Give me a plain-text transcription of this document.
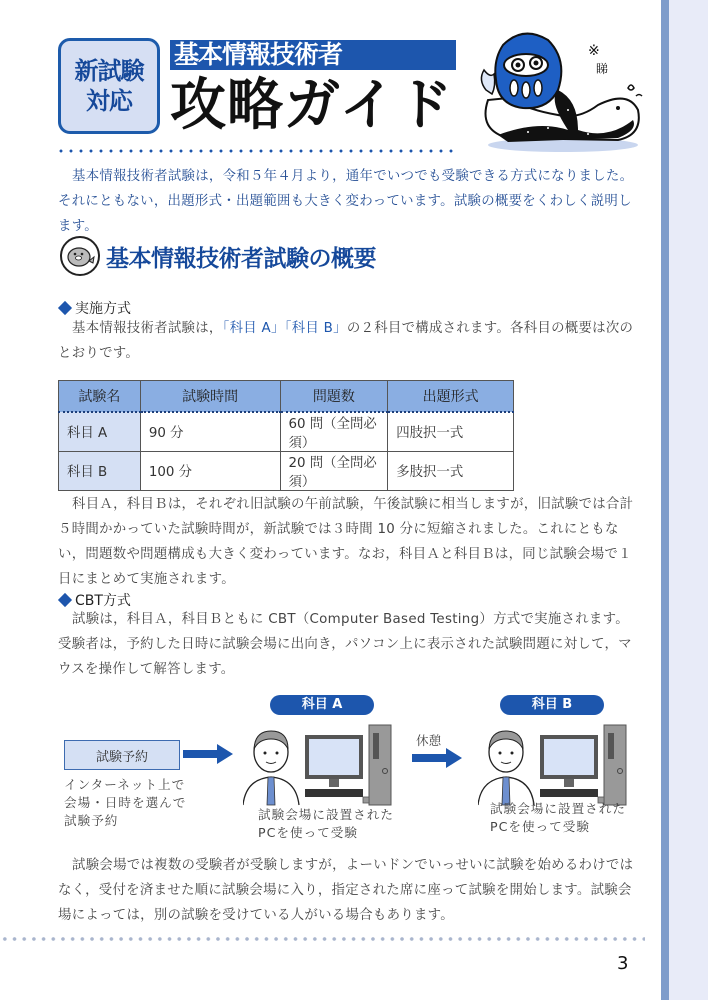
新試験
対応
基本情報技術者
攻略ガイド
※
睇
基本情報技術者試験は，令和５年４月より，通年でいつでも受験できる方式になりました。それにともない，出題形式・出題範囲も大きく変わっています。試験の概要をくわしく説明します。
基本情報技術者試験の概要
実施方式
基本情報技術者試験は，「科目 A」「科目 B」の２科目で構成されます。各科目の概要は次のとおりです。
試験名	試験時間	問題数	出題形式
科目 A	90 分	60 問（全問必須）	四肢択一式
科目 B	100 分	20 問（全問必須）	多肢択一式
科目Ａ，科目Ｂは，それぞれ旧試験の午前試験，午後試験に相当しますが，旧試験では合計５時間かかっていた試験時間が，新試験では３時間 10 分に短縮されました。これにともない，問題数や問題構成も大きく変わっています。なお，科目Ａと科目Ｂは，同じ試験会場で１日にまとめて実施されます。
CBT方式
試験は，科目Ａ，科目Ｂともに CBT（Computer Based Testing）方式で実施されます。受験者は，予約した日時に試験会場に出向き，パソコン上に表示された試験問題に対して，マウスを操作して解答します。
試験予約
インターネット上で
会場・日時を選んで
試験予約
科目 A
試験会場に設置された
PCを使って受験
休憩
科目 B
試験会場に設置された
PCを使って受験
試験会場では複数の受験者が受験しますが，よーいドンでいっせいに試験を始めるわけではなく，受付を済ませた順に試験会場に入り，指定された席に座って試験を開始します。試験会場によっては，別の試験を受けている人がいる場合もあります。
3
